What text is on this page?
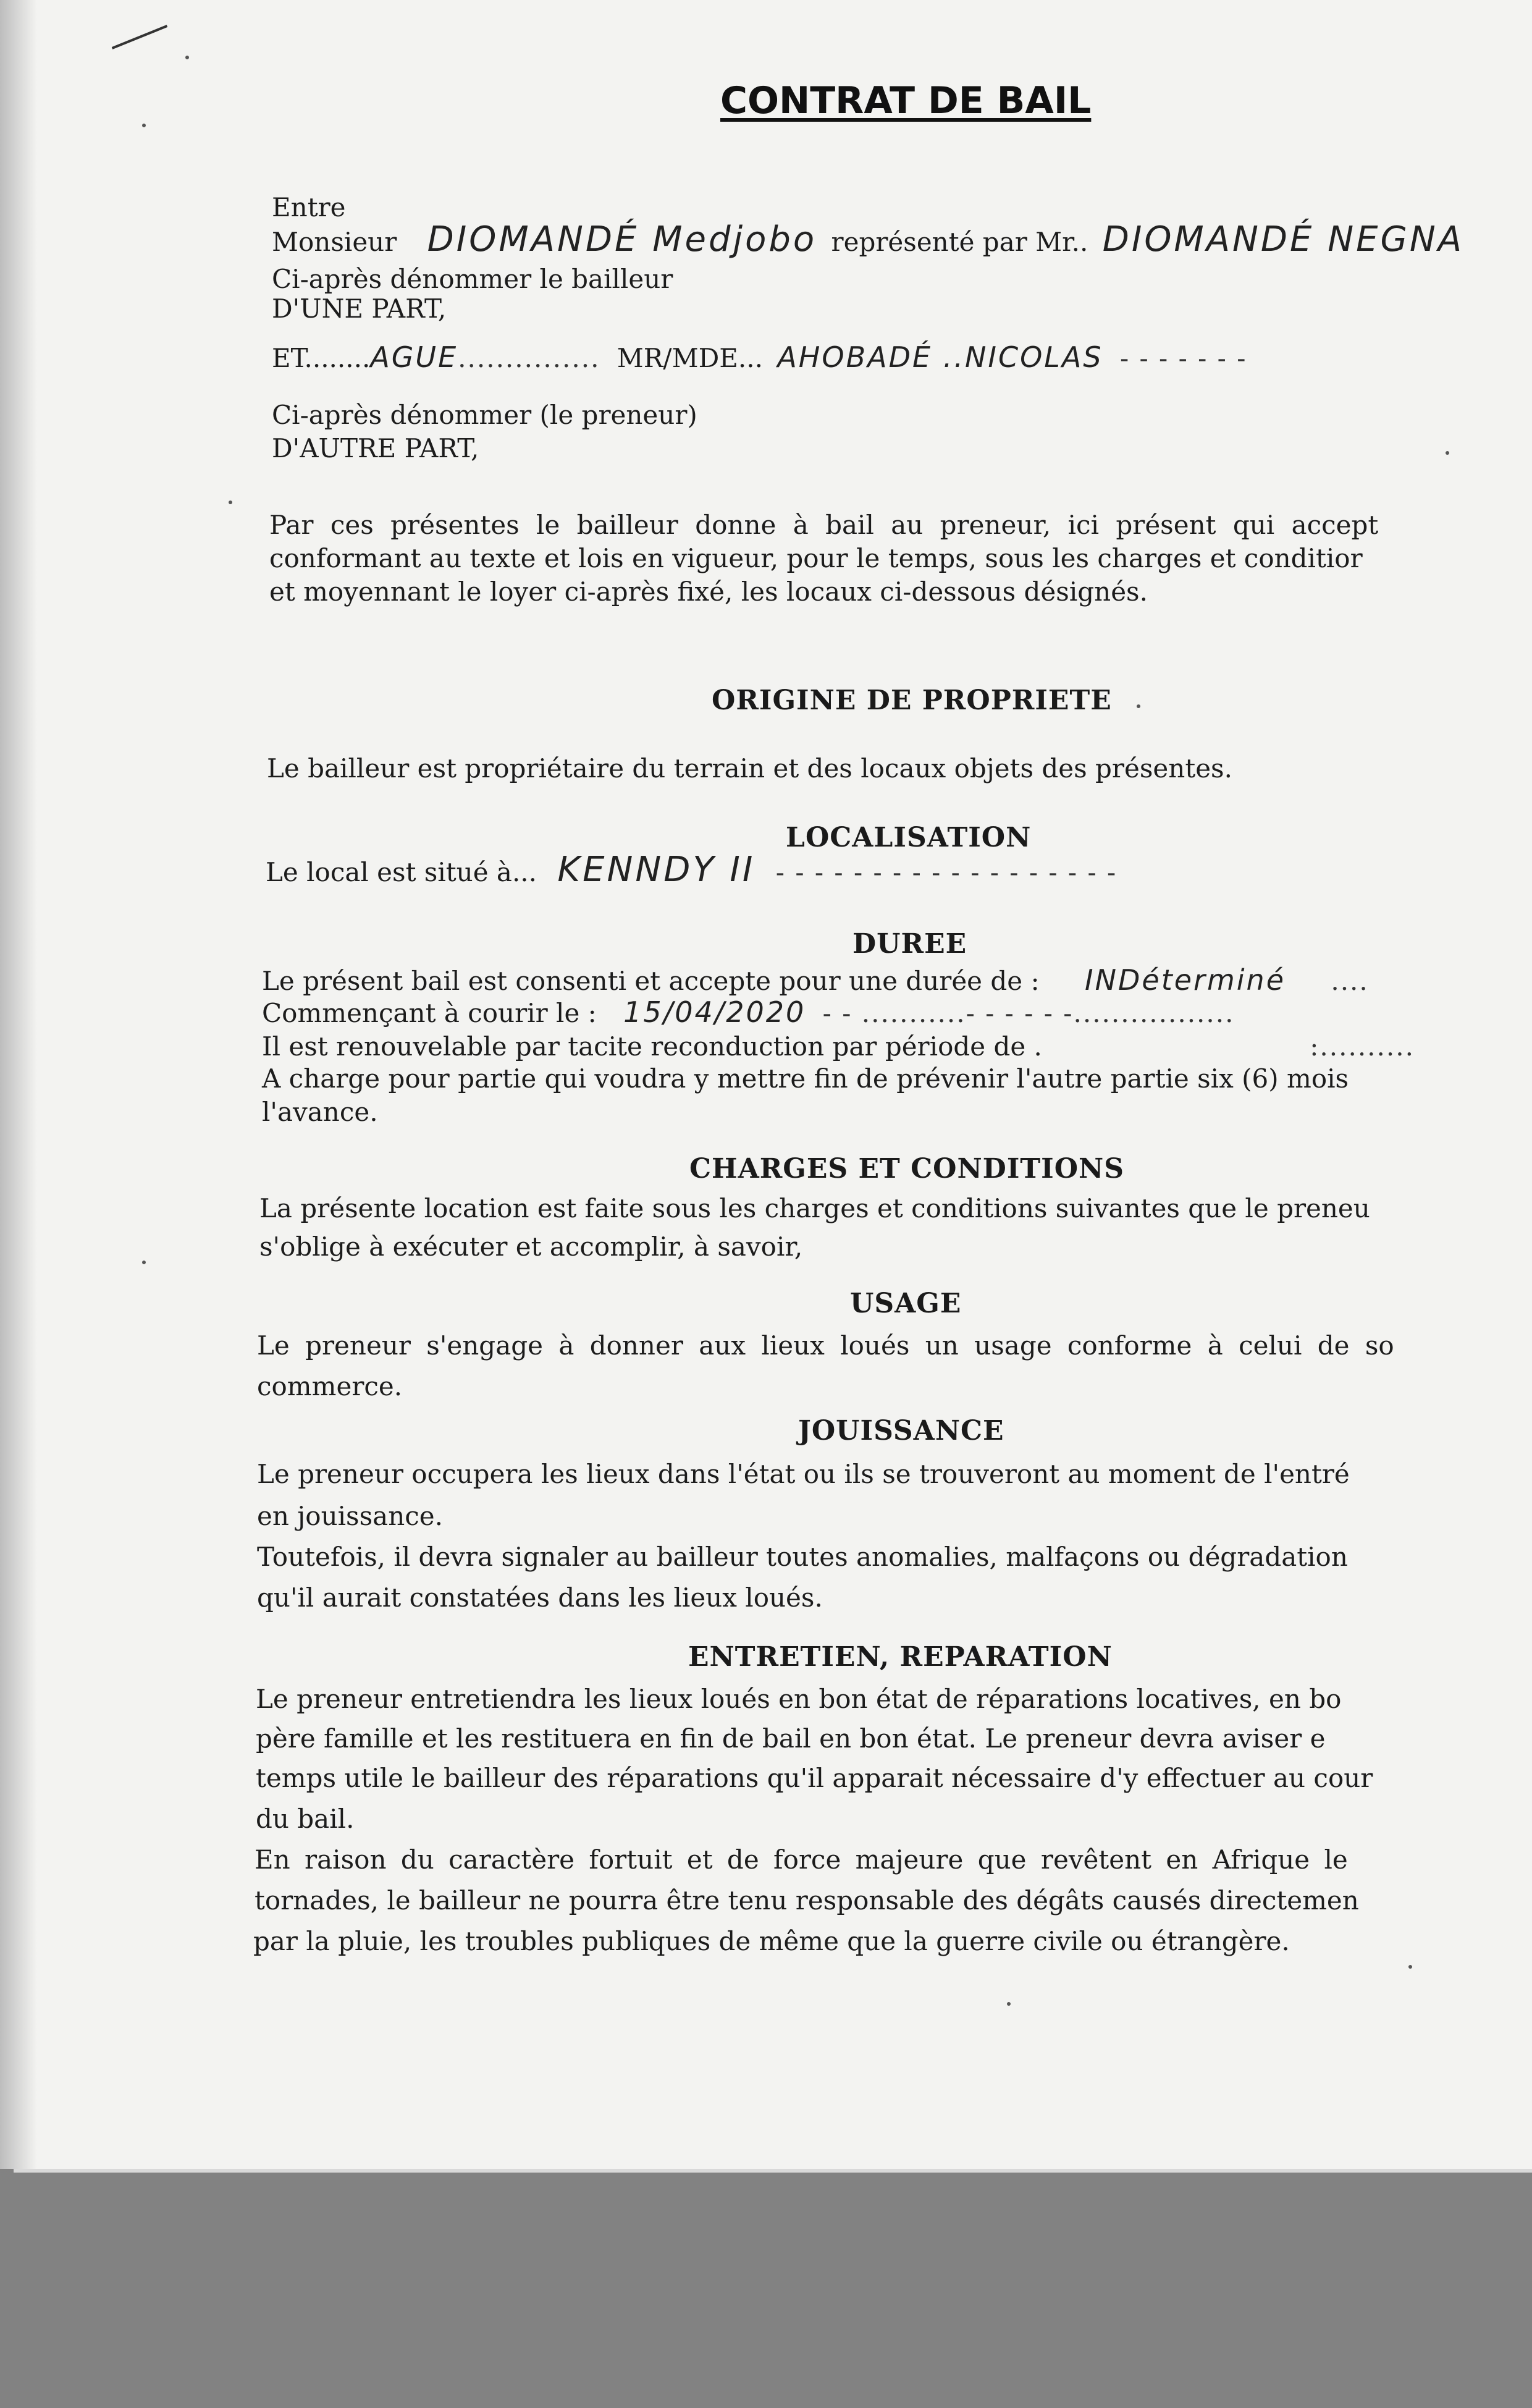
CONTRAT DE BAIL
Entre
Monsieur DIOMANDÉ Medjobo représenté par Mr.. DIOMANDÉ NEGNA
Ci-après dénommer le bailleur
D'UNE PART,
ET........AGUE............... MR/MDE... AHOBADÉ ..NICOLAS - - - - - - -
Ci-après dénommer (le preneur)
D'AUTRE PART,
Par ces présentes le bailleur donne à bail au preneur, ici présent qui accept
conformant au texte et lois en vigueur, pour le temps, sous les charges et conditior
et moyennant le loyer ci-après fixé, les locaux ci-dessous désignés.
ORIGINE DE PROPRIETE
Le bailleur est propriétaire du terrain et des locaux objets des présentes.
LOCALISATION
Le local est situé à... KENNDY II - - - - - - - - - - - - - - - - - -
DUREE
Le présent bail est consenti et accepte pour une durée de : INDéterminé ....
Commençant à courir le : 15/04/2020 - - ...........- - - - - -.................
Il est renouvelable par tacite reconduction par période de .	:..........
A charge pour partie qui voudra y mettre fin de prévenir l'autre partie six (6) mois
l'avance.
CHARGES ET CONDITIONS
La présente location est faite sous les charges et conditions suivantes que le preneu
s'oblige à exécuter et accomplir, à savoir,
USAGE
Le preneur s'engage à donner aux lieux loués un usage conforme à celui de so
commerce.
JOUISSANCE
Le preneur occupera les lieux dans l'état ou ils se trouveront au moment de l'entré
en jouissance.
Toutefois, il devra signaler au bailleur toutes anomalies, malfaçons ou dégradation
qu'il aurait constatées dans les lieux loués.
ENTRETIEN, REPARATION
Le preneur entretiendra les lieux loués en bon état de réparations locatives, en bo
père famille et les restituera en fin de bail en bon état. Le preneur devra aviser e
temps utile le bailleur des réparations qu'il apparait nécessaire d'y effectuer au cour
du bail.
En raison du caractère fortuit et de force majeure que revêtent en Afrique le
tornades, le bailleur ne pourra être tenu responsable des dégâts causés directemen
par la pluie, les troubles publiques de même que la guerre civile ou étrangère.
